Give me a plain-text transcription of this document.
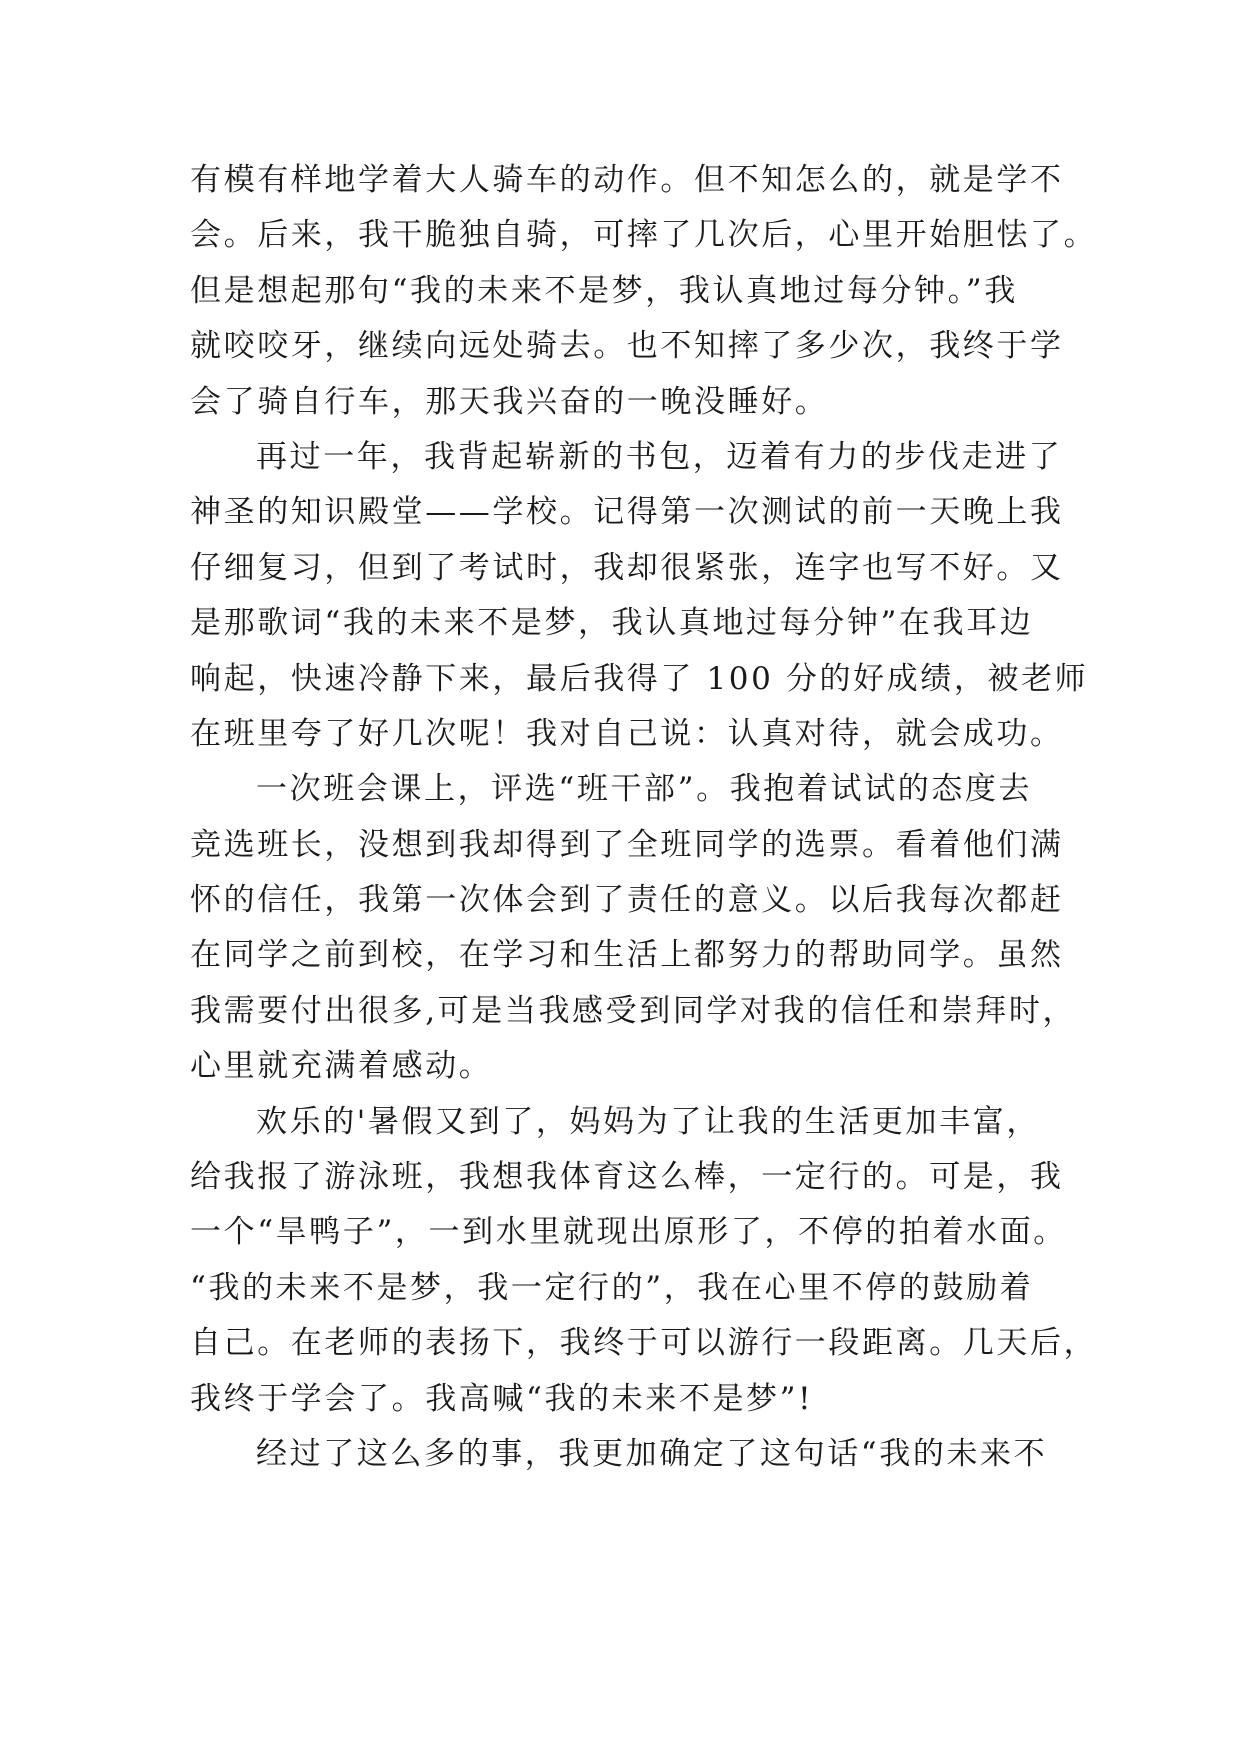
有模有样地学着大人骑车的动作。但不知怎么的，就是学不
会。后来，我干脆独自骑，可摔了几次后，心里开始胆怯了。
但是想起那句“我的未来不是梦，我认真地过每分钟。”我
就咬咬牙，继续向远处骑去。也不知摔了多少次，我终于学
会了骑自行车，那天我兴奋的一晚没睡好。
再过一年，我背起崭新的书包，迈着有力的步伐走进了
神圣的知识殿堂——学校。记得第一次测试的前一天晚上我
仔细复习，但到了考试时，我却很紧张，连字也写不好。又
是那歌词“我的未来不是梦，我认真地过每分钟”在我耳边
响起，快速冷静下来，最后我得了 100 分的好成绩，被老师
在班里夸了好几次呢！我对自己说：认真对待，就会成功。
一次班会课上，评选“班干部”。我抱着试试的态度去
竞选班长，没想到我却得到了全班同学的选票。看着他们满
怀的信任，我第一次体会到了责任的意义。以后我每次都赶
在同学之前到校，在学习和生活上都努力的帮助同学。虽然
我需要付出很多,可是当我感受到同学对我的信任和崇拜时，
心里就充满着感动。
欢乐的'暑假又到了，妈妈为了让我的生活更加丰富，
给我报了游泳班，我想我体育这么棒，一定行的。可是，我
一个“旱鸭子”，一到水里就现出原形了，不停的拍着水面。
“我的未来不是梦，我一定行的”，我在心里不停的鼓励着
自己。在老师的表扬下，我终于可以游行一段距离。几天后，
我终于学会了。我高喊“我的未来不是梦”!
经过了这么多的事，我更加确定了这句话“我的未来不
